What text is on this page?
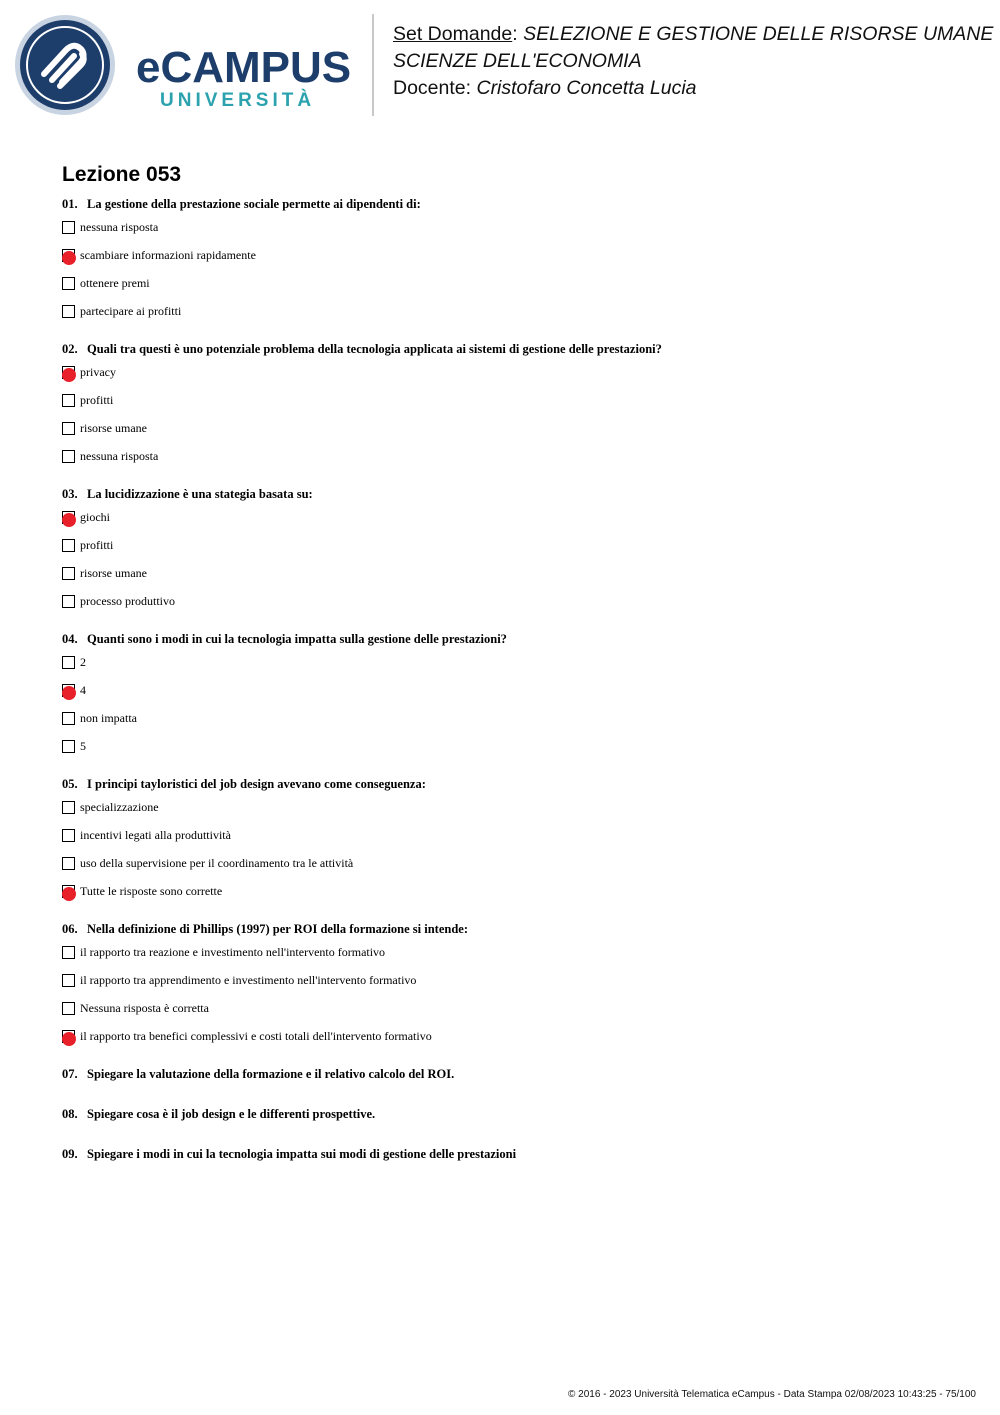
eCAMPUS
UNIVERSITÀ
Set Domande: SELEZIONE E GESTIONE DELLE RISORSE UMANE
SCIENZE DELL'ECONOMIA
Docente: Cristofaro Concetta Lucia
Lezione 053
01. La gestione della prestazione sociale permette ai dipendenti di:
nessuna risposta
scambiare informazioni rapidamente
ottenere premi
partecipare ai profitti
02. Quali tra questi è uno potenziale problema della tecnologia applicata ai sistemi di gestione delle prestazioni?
privacy
profitti
risorse umane
nessuna risposta
03. La lucidizzazione è una stategia basata su:
giochi
profitti
risorse umane
processo produttivo
04. Quanti sono i modi in cui la tecnologia impatta sulla gestione delle prestazioni?
2
4
non impatta
5
05. I principi tayloristici del job design avevano come conseguenza:
specializzazione
incentivi legati alla produttività
uso della supervisione per il coordinamento tra le attività
Tutte le risposte sono corrette
06. Nella definizione di Phillips (1997) per ROI della formazione si intende:
il rapporto tra reazione e investimento nell'intervento formativo
il rapporto tra apprendimento e investimento nell'intervento formativo
Nessuna risposta è corretta
il rapporto tra benefici complessivi e costi totali dell'intervento formativo
07. Spiegare la valutazione della formazione e il relativo calcolo del ROI.
08. Spiegare cosa è il job design e le differenti prospettive.
09. Spiegare i modi in cui la tecnologia impatta sui modi di gestione delle prestazioni
© 2016 - 2023 Università Telematica eCampus - Data Stampa 02/08/2023 10:43:25 - 75/100
